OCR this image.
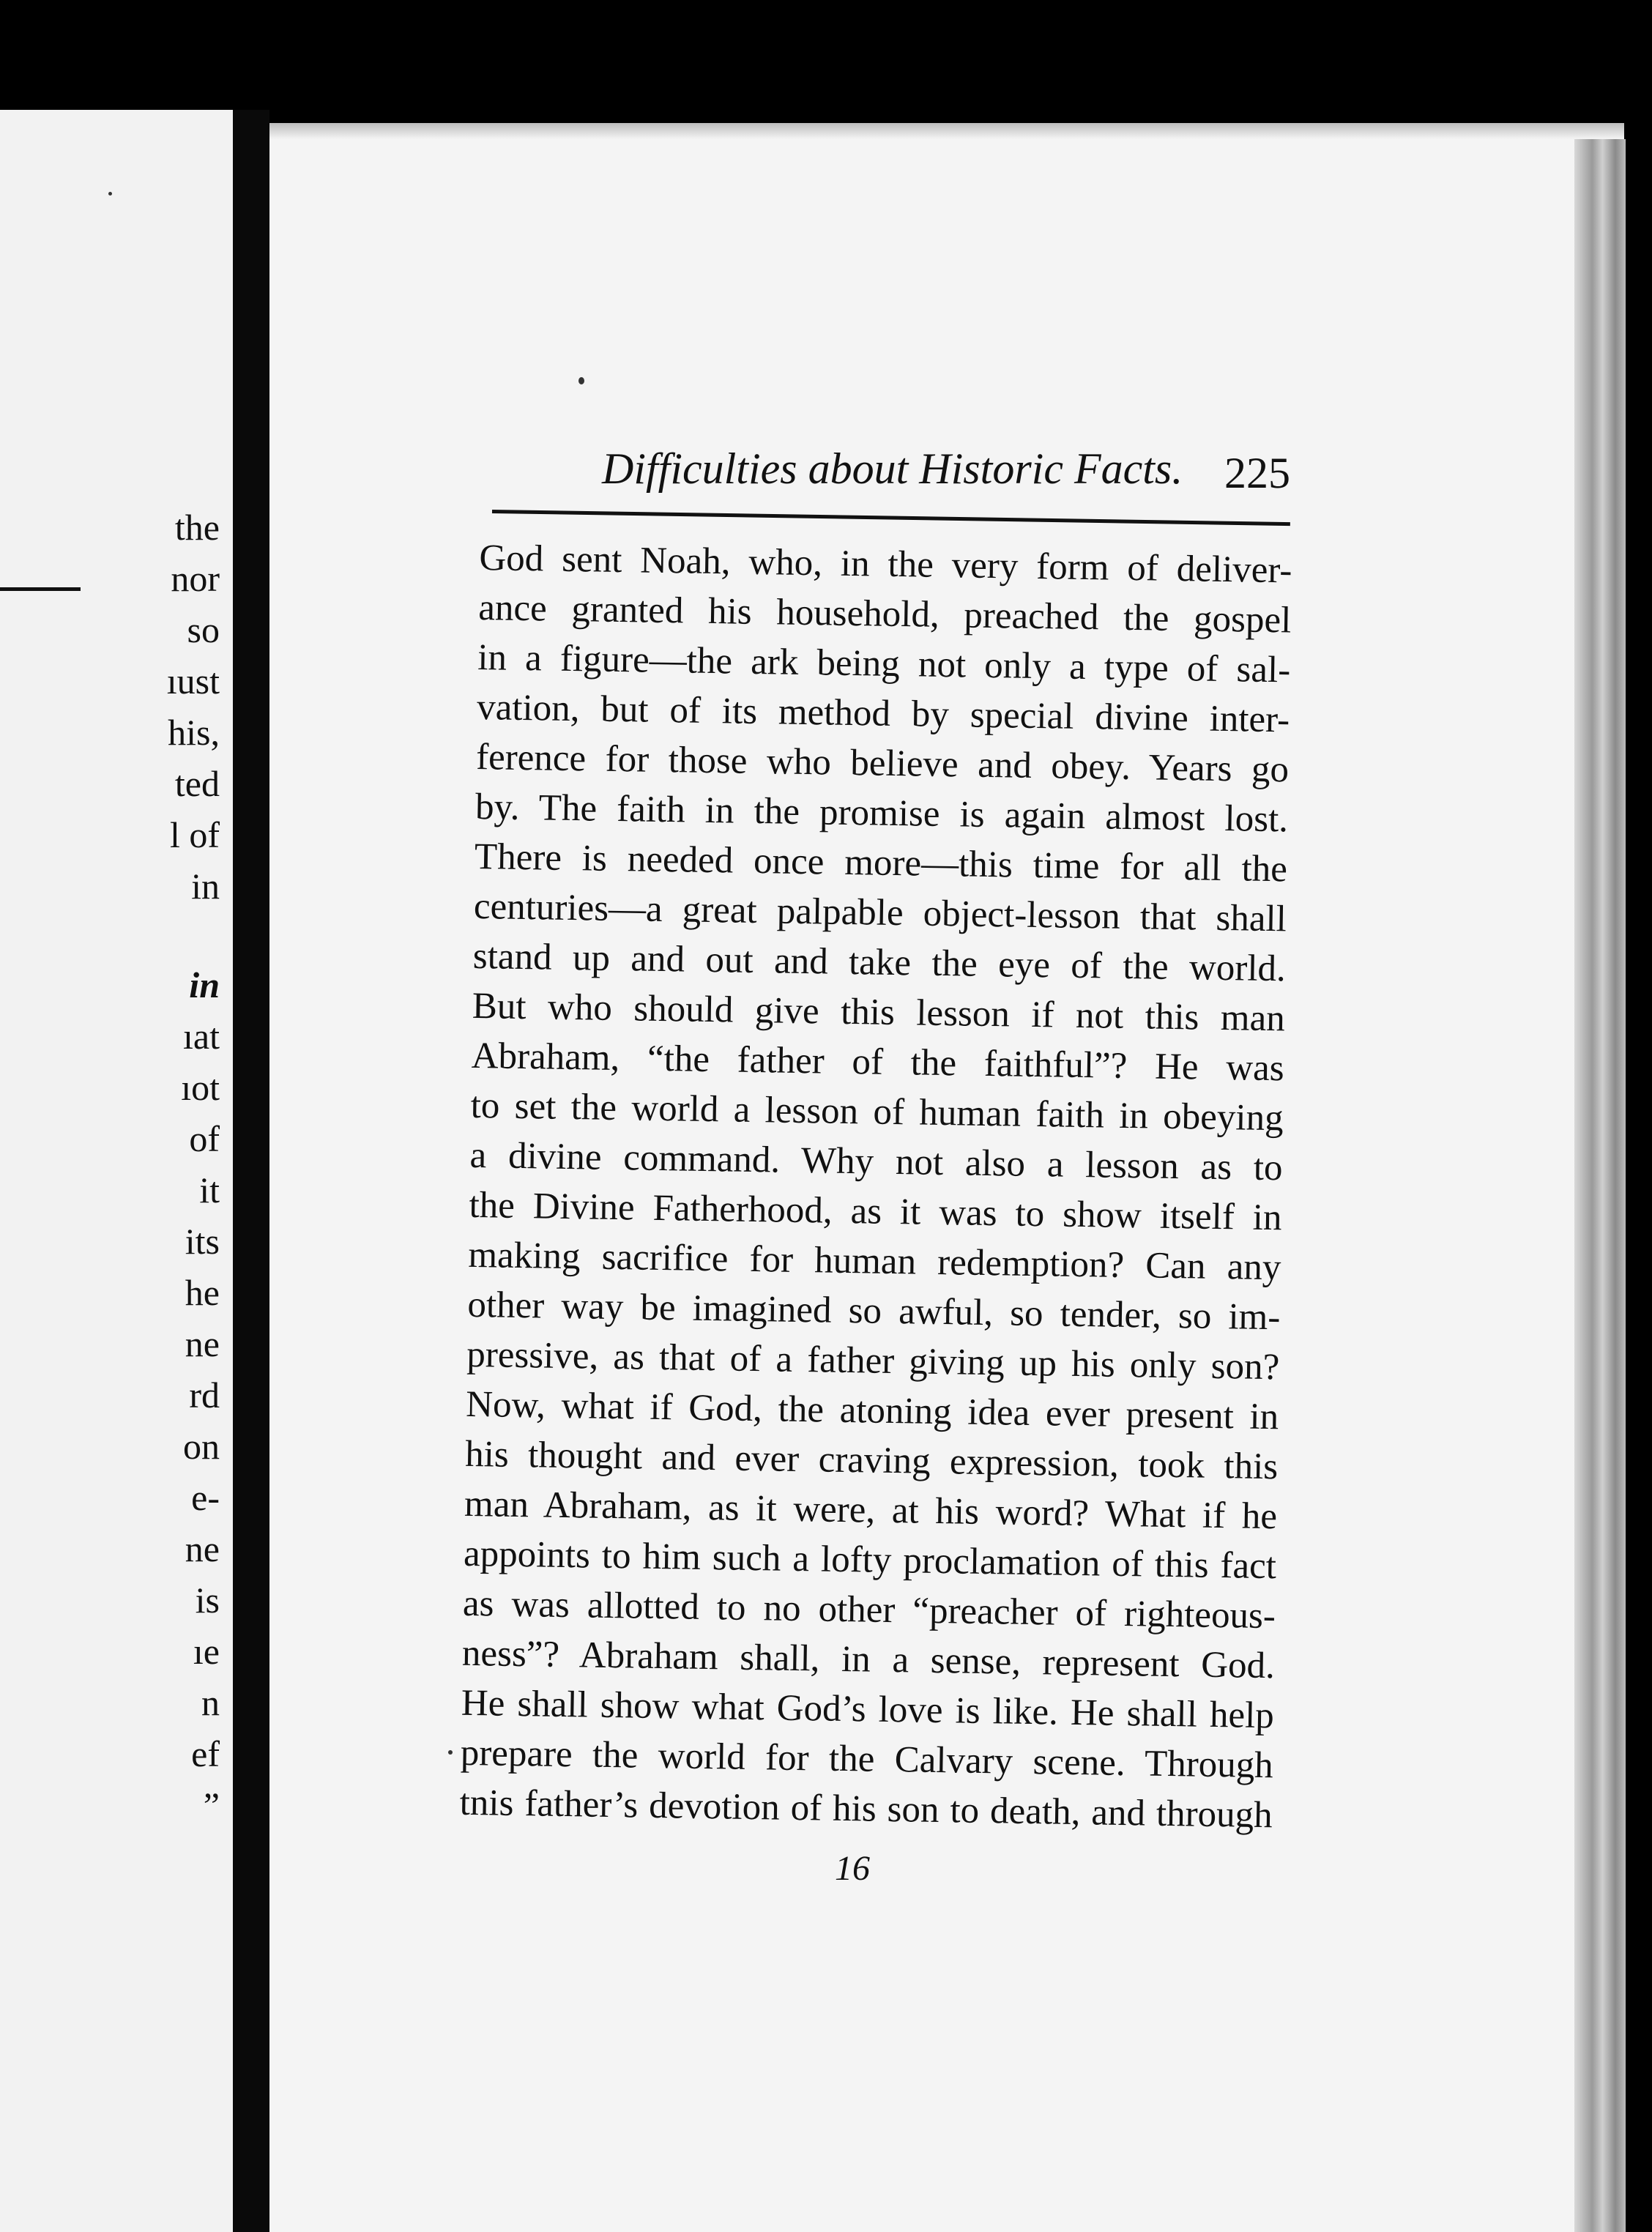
the
nor
so
ıust
his,
ted
l of
in
in
ıat
ıot
of
it
its
he
ne
rd
on
e-
ne
is
ıe
n
ef
”
Difficulties about Historic Facts. 225
God sent Noah, who, in the very form of deliver-
ance granted his household, preached the gospel
in a figure—the ark being not only a type of sal-
vation, but of its method by special divine inter-
ference for those who believe and obey. Years go
by. The faith in the promise is again almost lost.
There is needed once more—this time for all the
centuries—a great palpable object-lesson that shall
stand up and out and take the eye of the world.
But who should give this lesson if not this man
Abraham, “the father of the faithful”? He was
to set the world a lesson of human faith in obeying
a divine command. Why not also a lesson as to
the Divine Fatherhood, as it was to show itself in
making sacrifice for human redemption? Can any
other way be imagined so awful, so tender, so im-
pressive, as that of a father giving up his only son?
Now, what if God, the atoning idea ever present in
his thought and ever craving expression, took this
man Abraham, as it were, at his word? What if he
appoints to him such a lofty proclamation of this fact
as was allotted to no other “preacher of righteous-
ness”? Abraham shall, in a sense, represent God.
He shall show what God’s love is like. He shall help
prepare the world for the Calvary scene. Through
tnis father’s devotion of his son to death, and through
16
